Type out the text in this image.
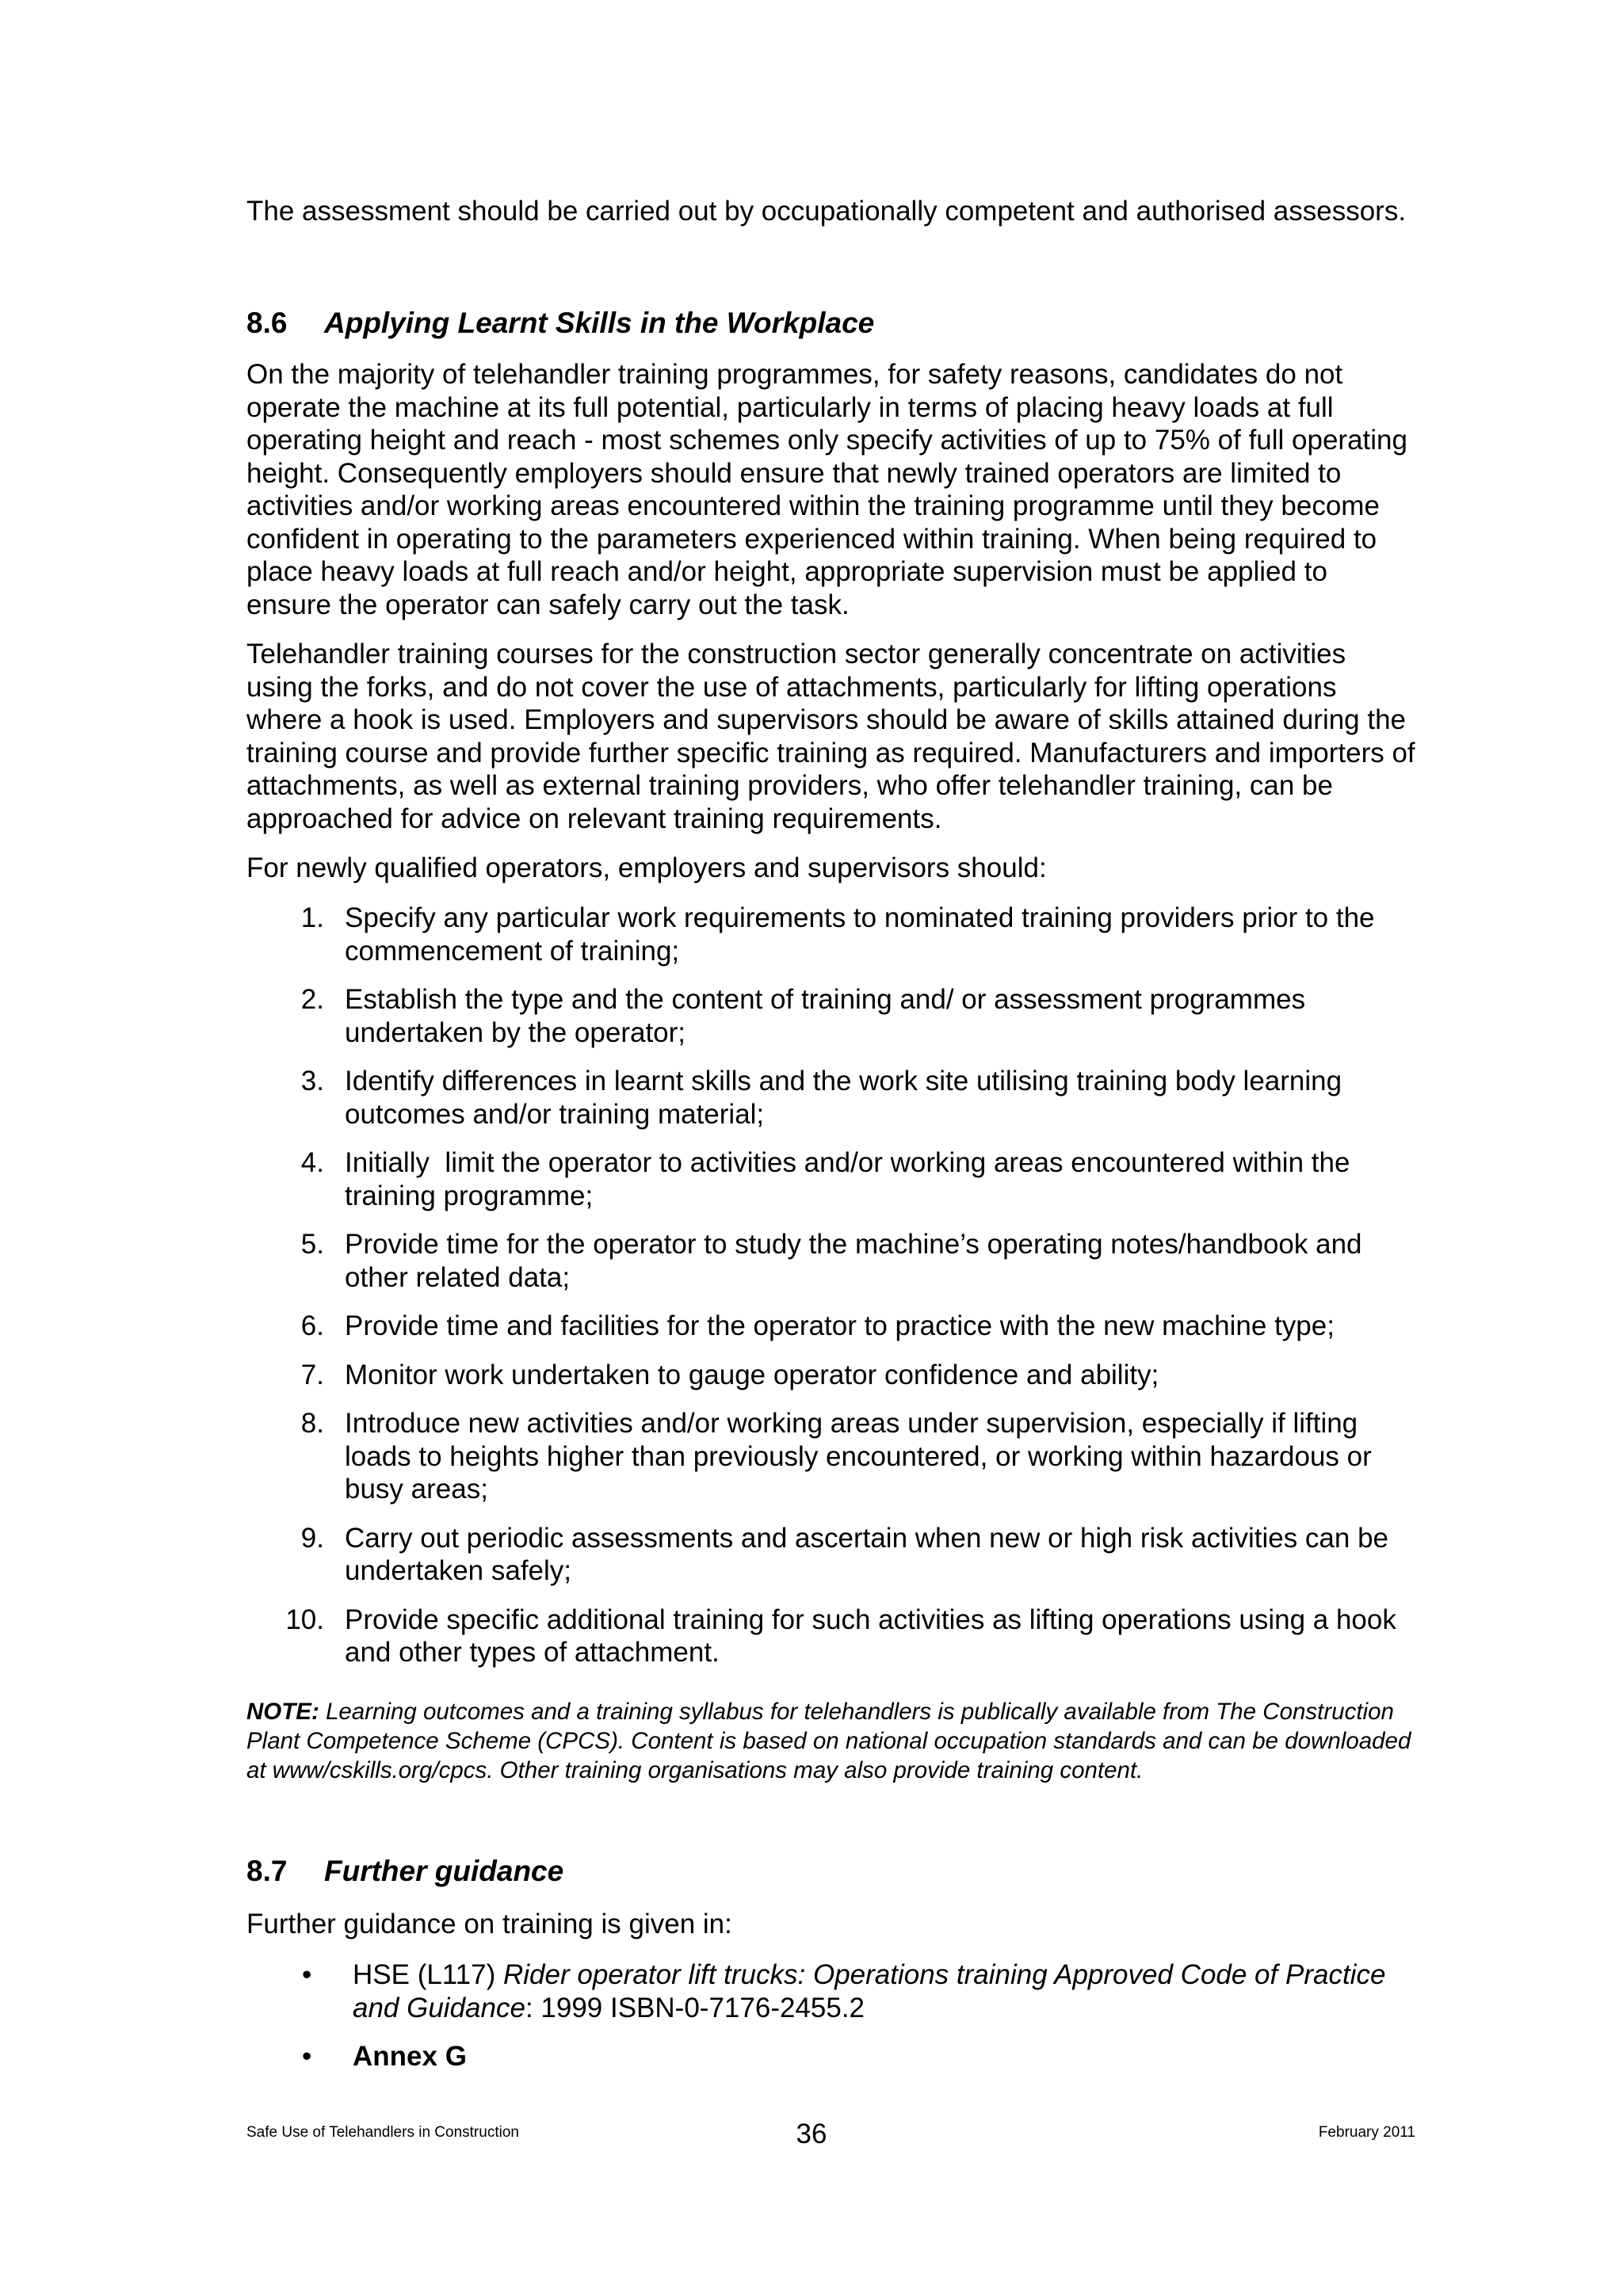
The assessment should be carried out by occupationally competent and authorised assessors.

8.6 Applying Learnt Skills in the Workplace

On the majority of telehandler training programmes, for safety reasons, candidates do not operate the machine at its full potential, particularly in terms of placing heavy loads at full operating height and reach - most schemes only specify activities of up to 75% of full operating height. Consequently employers should ensure that newly trained operators are limited to activities and/or working areas encountered within the training programme until they become confident in operating to the parameters experienced within training. When being required to place heavy loads at full reach and/or height, appropriate supervision must be applied to ensure the operator can safely carry out the task.

Telehandler training courses for the construction sector generally concentrate on activities using the forks, and do not cover the use of attachments, particularly for lifting operations where a hook is used. Employers and supervisors should be aware of skills attained during the training course and provide further specific training as required. Manufacturers and importers of attachments, as well as external training providers, who offer telehandler training, can be approached for advice on relevant training requirements.

For newly qualified operators, employers and supervisors should:

1. Specify any particular work requirements to nominated training providers prior to the commencement of training;
2. Establish the type and the content of training and/ or assessment programmes undertaken by the operator;
3. Identify differences in learnt skills and the work site utilising training body learning outcomes and/or training material;
4. Initially  limit the operator to activities and/or working areas encountered within the training programme;
5. Provide time for the operator to study the machine’s operating notes/handbook and other related data;
6. Provide time and facilities for the operator to practice with the new machine type;
7. Monitor work undertaken to gauge operator confidence and ability;
8. Introduce new activities and/or working areas under supervision, especially if lifting loads to heights higher than previously encountered, or working within hazardous or busy areas;
9. Carry out periodic assessments and ascertain when new or high risk activities can be undertaken safely;
10. Provide specific additional training for such activities as lifting operations using a hook and other types of attachment.

NOTE: Learning outcomes and a training syllabus for telehandlers is publically available from The Construction Plant Competence Scheme (CPCS). Content is based on national occupation standards and can be downloaded at www/cskills.org/cpcs. Other training organisations may also provide training content.

8.7 Further guidance

Further guidance on training is given in:

• HSE (L117) Rider operator lift trucks: Operations training Approved Code of Practice and Guidance: 1999 ISBN-0-7176-2455.2
• Annex G
Safe Use of Telehandlers in Construction	36	February 2011
